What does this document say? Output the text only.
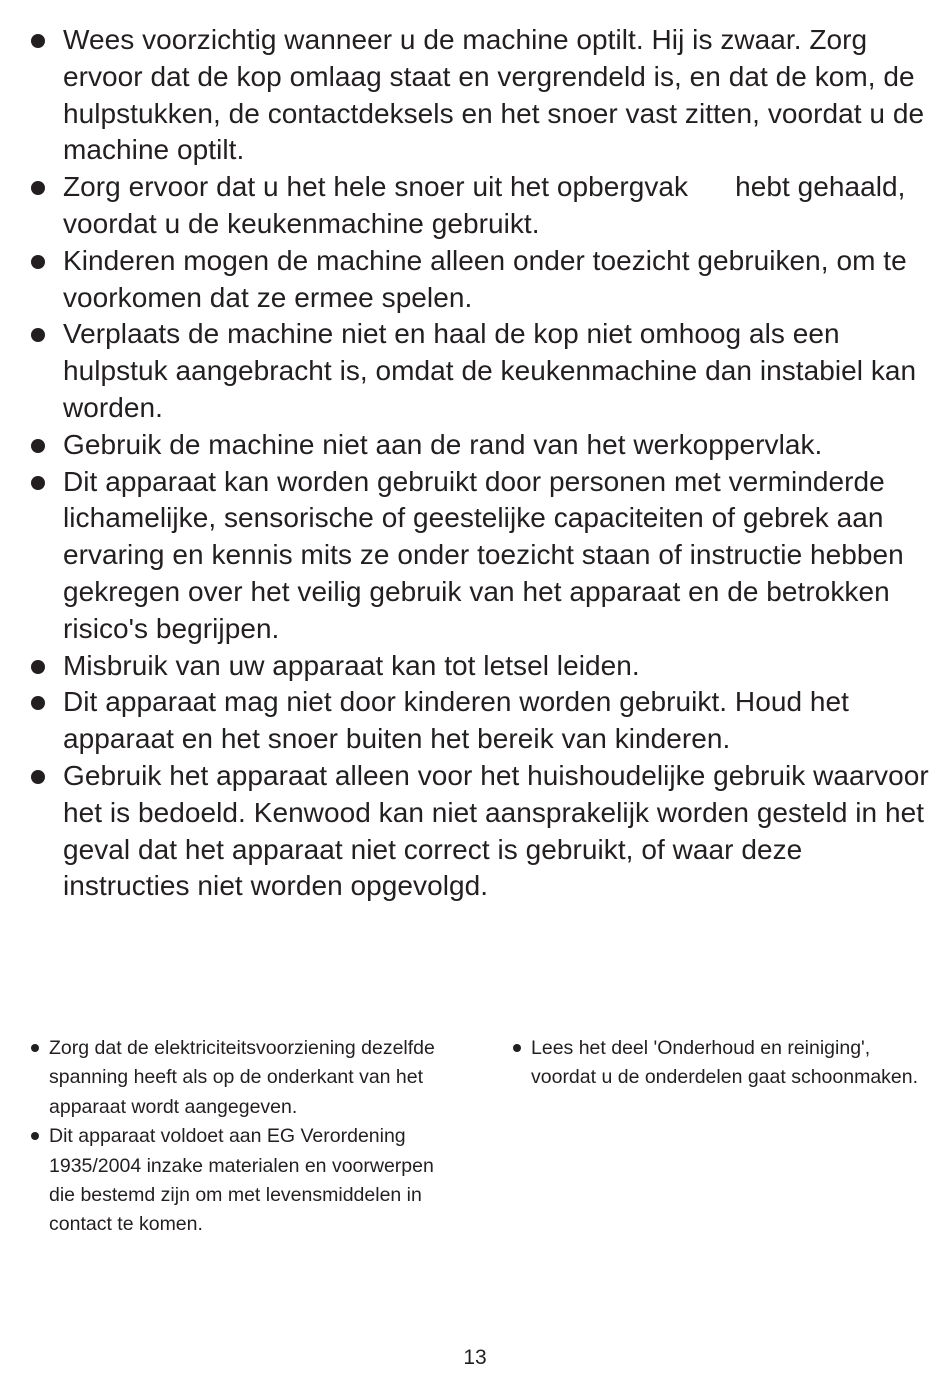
Wees voorzichtig wanneer u de machine optilt. Hij is zwaar. Zorg ervoor dat de kop omlaag staat en vergrendeld is, en dat de kom, de hulpstukken, de contactdeksels en het snoer vast zitten, voordat u de machine optilt.
Zorg ervoor dat u het hele snoer uit het opbergvak      hebt gehaald, voordat u de keukenmachine gebruikt.
Kinderen mogen de machine alleen onder toezicht gebruiken, om te voorkomen dat ze ermee spelen.
Verplaats de machine niet en haal de kop niet omhoog als een hulpstuk aangebracht is, omdat de keukenmachine dan instabiel kan worden.
Gebruik de machine niet aan de rand van het werkoppervlak.
Dit apparaat kan worden gebruikt door personen met verminderde lichamelijke, sensorische of geestelijke capaciteiten of gebrek aan ervaring en kennis mits ze onder toezicht staan of instructie hebben gekregen over het veilig gebruik van het apparaat en de betrokken risico's begrijpen.
Misbruik van uw apparaat kan tot letsel leiden.
Dit apparaat mag niet door kinderen worden gebruikt. Houd het apparaat en het snoer buiten het bereik van kinderen.
Gebruik het apparaat alleen voor het huishoudelijke gebruik waarvoor het is bedoeld. Kenwood kan niet aansprakelijk worden gesteld in het geval dat het apparaat niet correct is gebruikt, of waar deze instructies niet worden opgevolgd.
Zorg dat de elektriciteitsvoorziening dezelfde spanning heeft als op de onderkant van het apparaat wordt aangegeven.
Dit apparaat voldoet aan EG Verordening 1935/2004 inzake materialen en voorwerpen die bestemd zijn om met levensmiddelen in contact te komen.
Lees het deel 'Onderhoud en reiniging', voordat u de onderdelen gaat schoonmaken.
13
